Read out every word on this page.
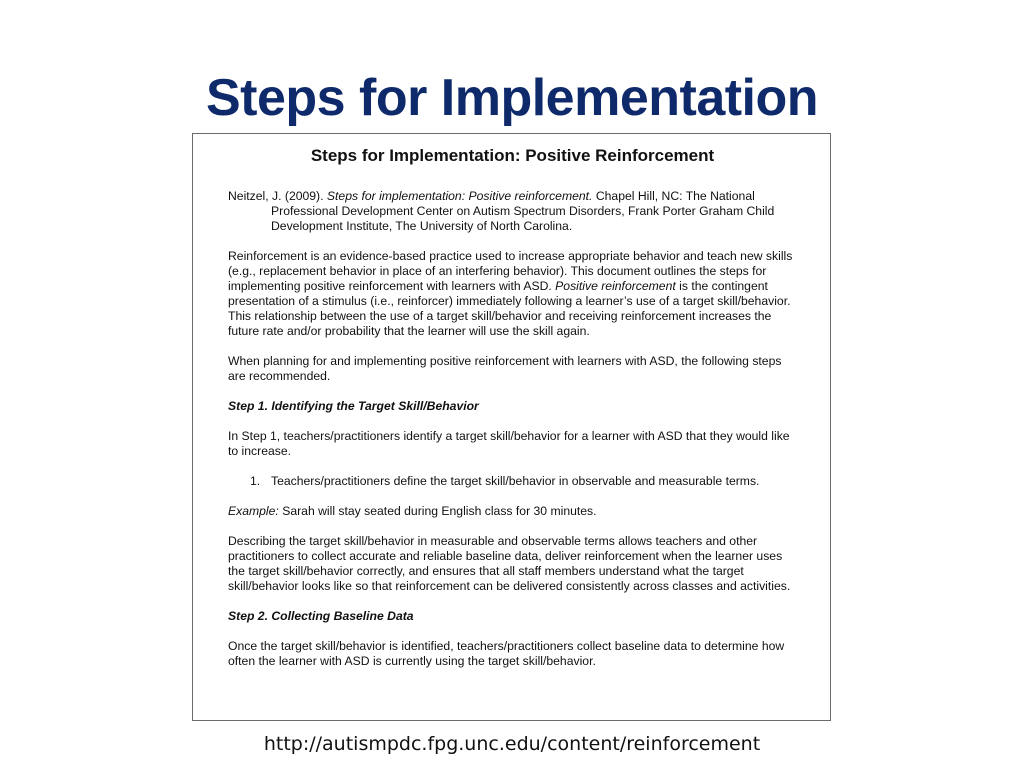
Steps for Implementation
Steps for Implementation: Positive Reinforcement

Neitzel, J. (2009). Steps for implementation: Positive reinforcement. Chapel Hill, NC: The National Professional Development Center on Autism Spectrum Disorders, Frank Porter Graham Child Development Institute, The University of North Carolina.

Reinforcement is an evidence-based practice used to increase appropriate behavior and teach new skills (e.g., replacement behavior in place of an interfering behavior). This document outlines the steps for implementing positive reinforcement with learners with ASD. Positive reinforcement is the contingent presentation of a stimulus (i.e., reinforcer) immediately following a learner’s use of a target skill/behavior. This relationship between the use of a target skill/behavior and receiving reinforcement increases the future rate and/or probability that the learner will use the skill again.

When planning for and implementing positive reinforcement with learners with ASD, the following steps are recommended.

Step 1. Identifying the Target Skill/Behavior

In Step 1, teachers/practitioners identify a target skill/behavior for a learner with ASD that they would like to increase.

1. Teachers/practitioners define the target skill/behavior in observable and measurable terms.

Example: Sarah will stay seated during English class for 30 minutes.

Describing the target skill/behavior in measurable and observable terms allows teachers and other practitioners to collect accurate and reliable baseline data, deliver reinforcement when the learner uses the target skill/behavior correctly, and ensures that all staff members understand what the target skill/behavior looks like so that reinforcement can be delivered consistently across classes and activities.

Step 2. Collecting Baseline Data

Once the target skill/behavior is identified, teachers/practitioners collect baseline data to determine how often the learner with ASD is currently using the target skill/behavior.

http://autismpdc.fpg.unc.edu/content/reinforcement
